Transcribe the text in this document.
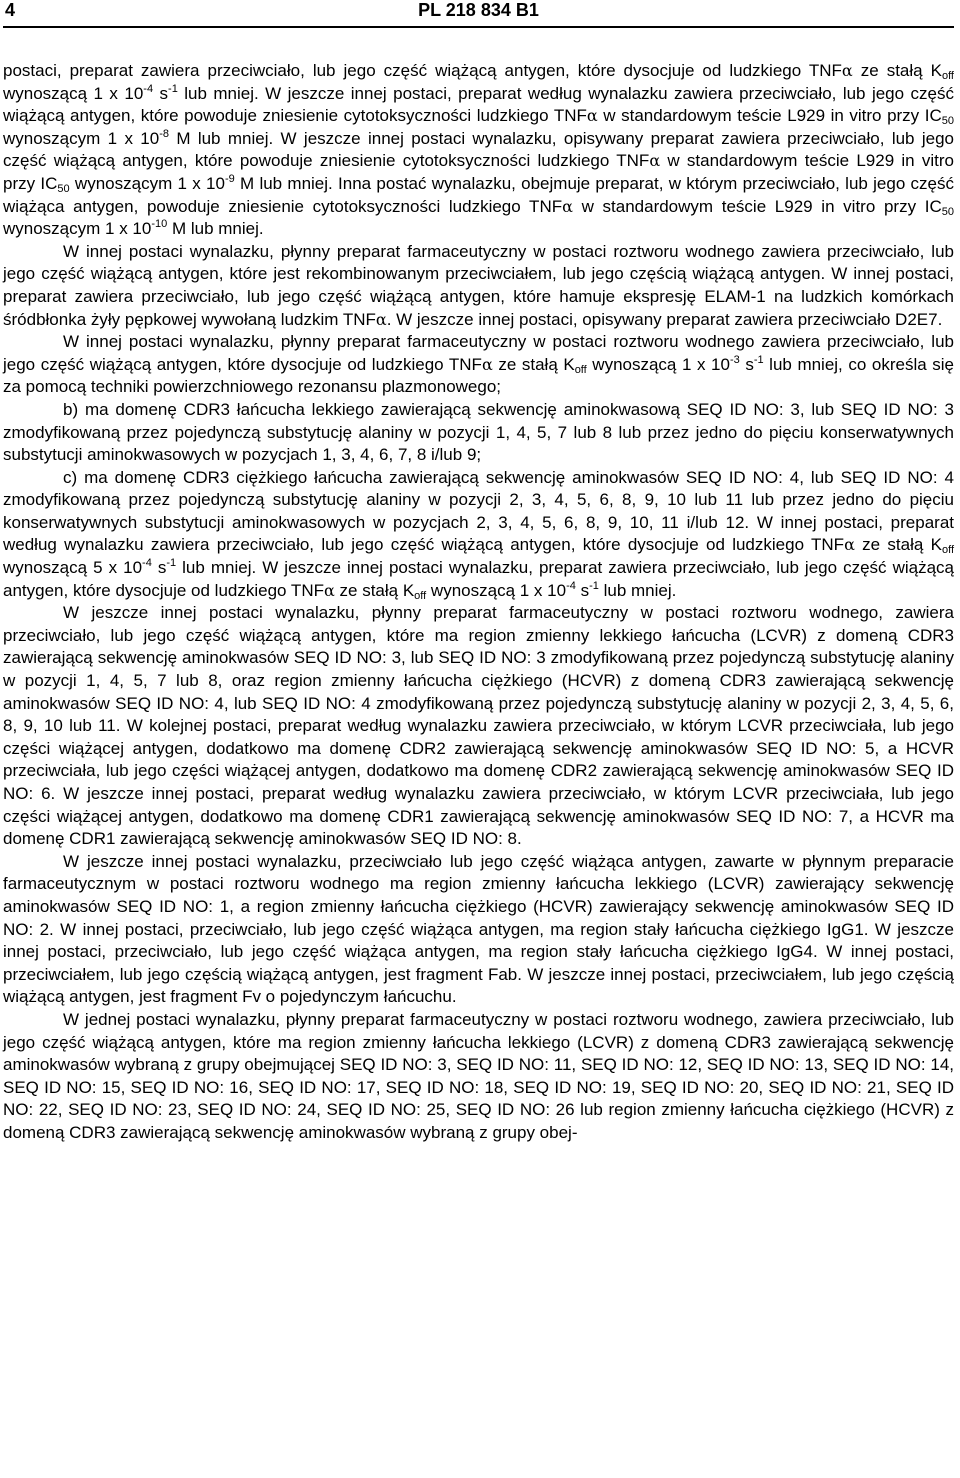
4	PL 218 834 B1

postaci, preparat zawiera przeciwciało, lub jego część wiążącą antygen, które dysocjuje od ludzkiego TNFα ze stałą $K_{off}$ wynoszącą 1 x $10^{-4}$ $s^{-1}$ lub mniej. W jeszcze innej postaci, preparat według wynalazku zawiera przeciwciało, lub jego część wiążącą antygen, które powoduje zniesienie cytotoksyczności ludzkiego TNFα w standardowym teście L929 in vitro przy $IC_{50}$ wynoszącym 1 x $10^{-8}$ M lub mniej. W jeszcze innej postaci wynalazku, opisywany preparat zawiera przeciwciało, lub jego część wiążącą antygen, które powoduje zniesienie cytotoksyczności ludzkiego TNFα w standardowym teście L929 in vitro przy $IC_{50}$ wynoszącym 1 x $10^{-9}$ M lub mniej. Inna postać wynalazku, obejmuje preparat, w którym przeciwciało, lub jego część wiążąca antygen, powoduje zniesienie cytotoksyczności ludzkiego TNFα w standardowym teście L929 in vitro przy $IC_{50}$ wynoszącym 1 x $10^{-10}$ M lub mniej.

W innej postaci wynalazku, płynny preparat farmaceutyczny w postaci roztworu wodnego zawiera przeciwciało, lub jego część wiążącą antygen, które jest rekombinowanym przeciwciałem, lub jego częścią wiążącą antygen. W innej postaci, preparat zawiera przeciwciało, lub jego część wiążącą antygen, które hamuje ekspresję ELAM-1 na ludzkich komórkach śródbłonka żyły pępkowej wywołaną ludzkim TNFα. W jeszcze innej postaci, opisywany preparat zawiera przeciwciało D2E7.

W innej postaci wynalazku, płynny preparat farmaceutyczny w postaci roztworu wodnego zawiera przeciwciało, lub jego część wiążącą antygen, które dysocjuje od ludzkiego TNFα ze stałą $K_{off}$ wynoszącą 1 x $10^{-3}$ $s^{-1}$ lub mniej, co określa się za pomocą techniki powierzchniowego rezonansu plazmonowego;

b) ma domenę CDR3 łańcucha lekkiego zawierającą sekwencję aminokwasową SEQ ID NO: 3, lub SEQ ID NO: 3 zmodyfikowaną przez pojedynczą substytucję alaniny w pozycji 1, 4, 5, 7 lub 8 lub przez jedno do pięciu konserwatywnych substytucji aminokwasowych w pozycjach 1, 3, 4, 6, 7, 8 i/lub 9;

c) ma domenę CDR3 ciężkiego łańcucha zawierającą sekwencję aminokwasów SEQ ID NO: 4, lub SEQ ID NO: 4 zmodyfikowaną przez pojedynczą substytucję alaniny w pozycji 2, 3, 4, 5, 6, 8, 9, 10 lub 11 lub przez jedno do pięciu konserwatywnych substytucji aminokwasowych w pozycjach 2, 3, 4, 5, 6, 8, 9, 10, 11 i/lub 12. W innej postaci, preparat według wynalazku zawiera przeciwciało, lub jego część wiążącą antygen, które dysocjuje od ludzkiego TNFα ze stałą $K_{off}$ wynoszącą 5 x $10^{-4}$ $s^{-1}$ lub mniej. W jeszcze innej postaci wynalazku, preparat zawiera przeciwciało, lub jego część wiążącą antygen, które dysocjuje od ludzkiego TNFα ze stałą $K_{off}$ wynoszącą 1 x $10^{-4}$ $s^{-1}$ lub mniej.

W jeszcze innej postaci wynalazku, płynny preparat farmaceutyczny w postaci roztworu wodnego, zawiera przeciwciało, lub jego część wiążącą antygen, które ma region zmienny lekkiego łańcucha (LCVR) z domeną CDR3 zawierającą sekwencję aminokwasów SEQ ID NO: 3, lub SEQ ID NO: 3 zmodyfikowaną przez pojedynczą substytucję alaniny w pozycji 1, 4, 5, 7 lub 8, oraz region zmienny łańcucha ciężkiego (HCVR) z domeną CDR3 zawierającą sekwencję aminokwasów SEQ ID NO: 4, lub SEQ ID NO: 4 zmodyfikowaną przez pojedynczą substytucję alaniny w pozycji 2, 3, 4, 5, 6, 8, 9, 10 lub 11. W kolejnej postaci, preparat według wynalazku zawiera przeciwciało, w którym LCVR przeciwciała, lub jego części wiążącej antygen, dodatkowo ma domenę CDR2 zawierającą sekwencję aminokwasów SEQ ID NO: 5, a HCVR przeciwciała, lub jego części wiążącej antygen, dodatkowo ma domenę CDR2 zawierającą sekwencję aminokwasów SEQ ID NO: 6. W jeszcze innej postaci, preparat według wynalazku zawiera przeciwciało, w którym LCVR przeciwciała, lub jego części wiążącej antygen, dodatkowo ma domenę CDR1 zawierającą sekwencję aminokwasów SEQ ID NO: 7, a HCVR ma domenę CDR1 zawierającą sekwencję aminokwasów SEQ ID NO: 8.

W jeszcze innej postaci wynalazku, przeciwciało lub jego część wiążąca antygen, zawarte w płynnym preparacie farmaceutycznym w postaci roztworu wodnego ma region zmienny łańcucha lekkiego (LCVR) zawierający sekwencję aminokwasów SEQ ID NO: 1, a region zmienny łańcucha ciężkiego (HCVR) zawierający sekwencję aminokwasów SEQ ID NO: 2. W innej postaci, przeciwciało, lub jego część wiążąca antygen, ma region stały łańcucha ciężkiego IgG1. W jeszcze innej postaci, przeciwciało, lub jego część wiążąca antygen, ma region stały łańcucha ciężkiego IgG4. W innej postaci, przeciwciałem, lub jego częścią wiążącą antygen, jest fragment Fab. W jeszcze innej postaci, przeciwciałem, lub jego częścią wiążącą antygen, jest fragment Fv o pojedynczym łańcuchu.

W jednej postaci wynalazku, płynny preparat farmaceutyczny w postaci roztworu wodnego, zawiera przeciwciało, lub jego część wiążącą antygen, które ma region zmienny łańcucha lekkiego (LCVR) z domeną CDR3 zawierającą sekwencję aminokwasów wybraną z grupy obejmującej SEQ ID NO: 3, SEQ ID NO: 11, SEQ ID NO: 12, SEQ ID NO: 13, SEQ ID NO: 14, SEQ ID NO: 15, SEQ ID NO: 16, SEQ ID NO: 17, SEQ ID NO: 18, SEQ ID NO: 19, SEQ ID NO: 20, SEQ ID NO: 21, SEQ ID NO: 22, SEQ ID NO: 23, SEQ ID NO: 24, SEQ ID NO: 25, SEQ ID NO: 26 lub region zmienny łańcucha ciężkiego (HCVR) z domeną CDR3 zawierającą sekwencję aminokwasów wybraną z grupy obej-
